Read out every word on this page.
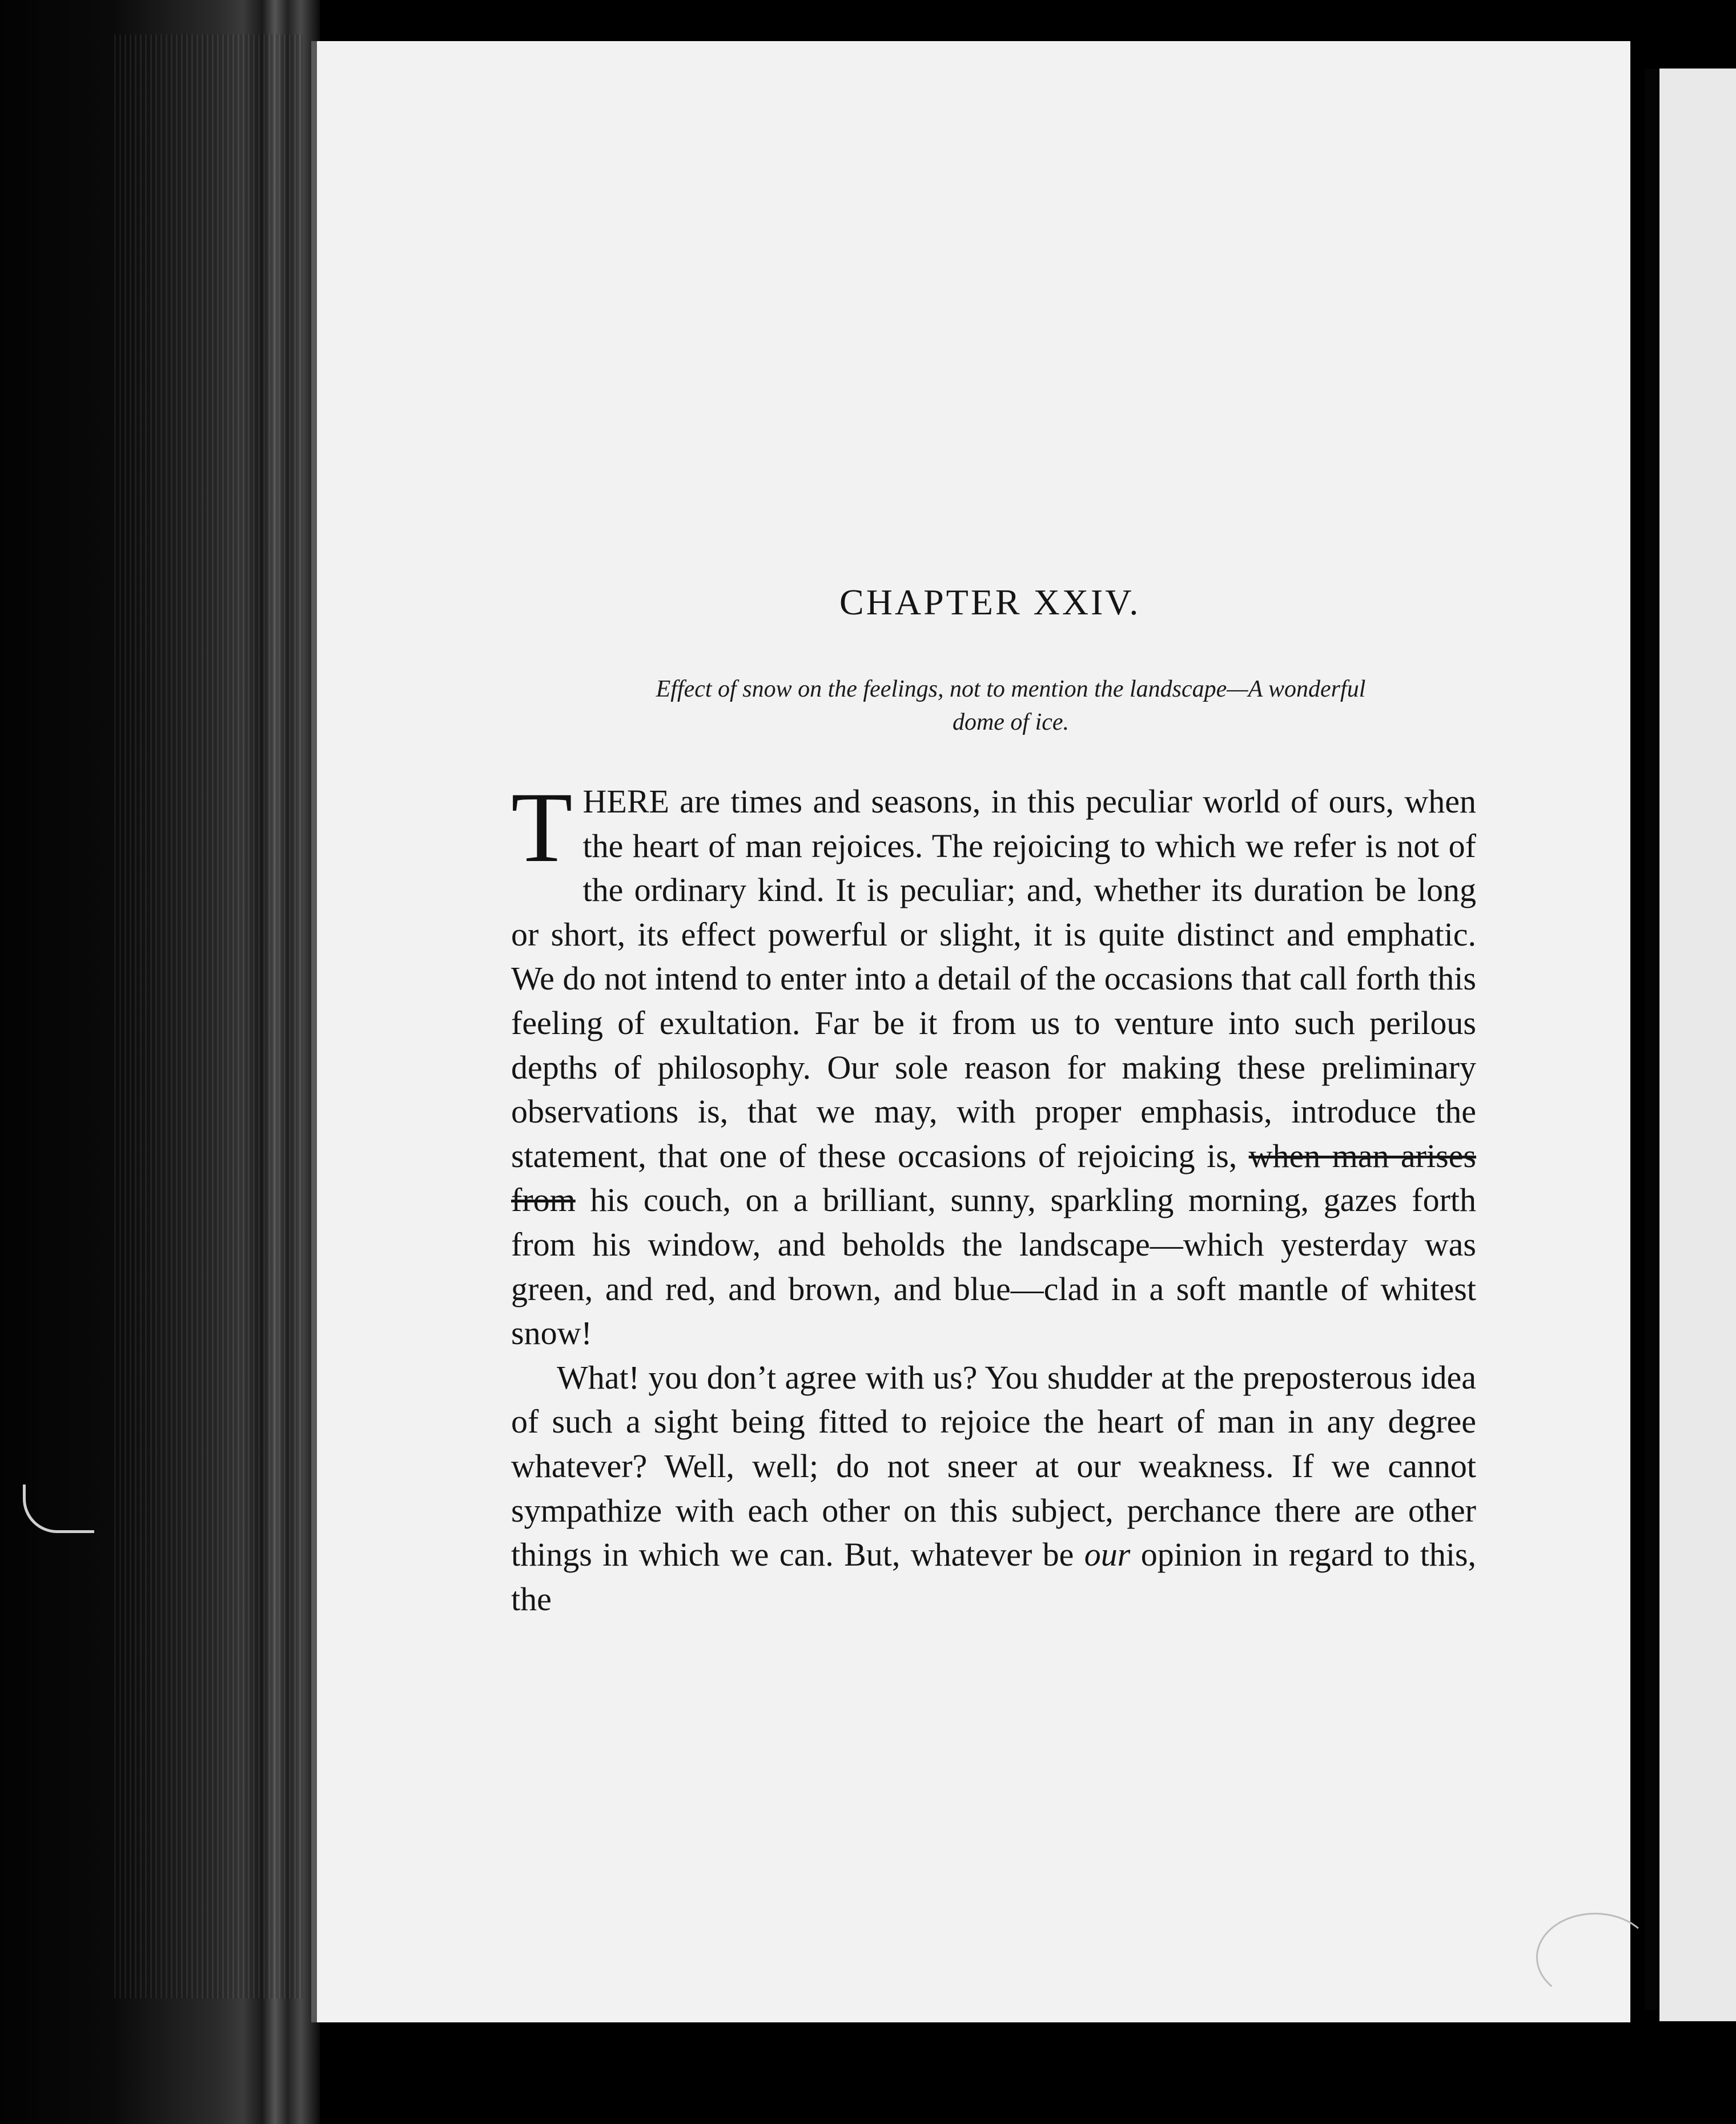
CHAPTER XXIV.
Effect of snow on the feelings, not to mention the landscape—A wonderful
dome of ice.

THERE are times and seasons, in this peculiar world of ours, when the heart of man rejoices. The rejoicing to which we refer is not of the ordinary kind. It is peculiar; and, whether its duration be long or short, its effect powerful or slight, it is quite distinct and emphatic. We do not intend to enter into a detail of the occasions that call forth this feeling of exultation. Far be it from us to venture into such perilous depths of philosophy. Our sole reason for making these preliminary observations is, that we may, with proper emphasis, introduce the statement, that one of these occasions of rejoicing is, when man arises from his couch, on a brilliant, sunny, sparkling morning, gazes forth from his window, and beholds the landscape—which yesterday was green, and red, and brown, and blue—clad in a soft mantle of whitest snow!

What! you don’t agree with us? You shudder at the preposterous idea of such a sight being fitted to rejoice the heart of man in any degree whatever? Well, well; do not sneer at our weakness. If we cannot sympathize with each other on this subject, perchance there are other things in which we can. But, whatever be our opinion in regard to this, the
